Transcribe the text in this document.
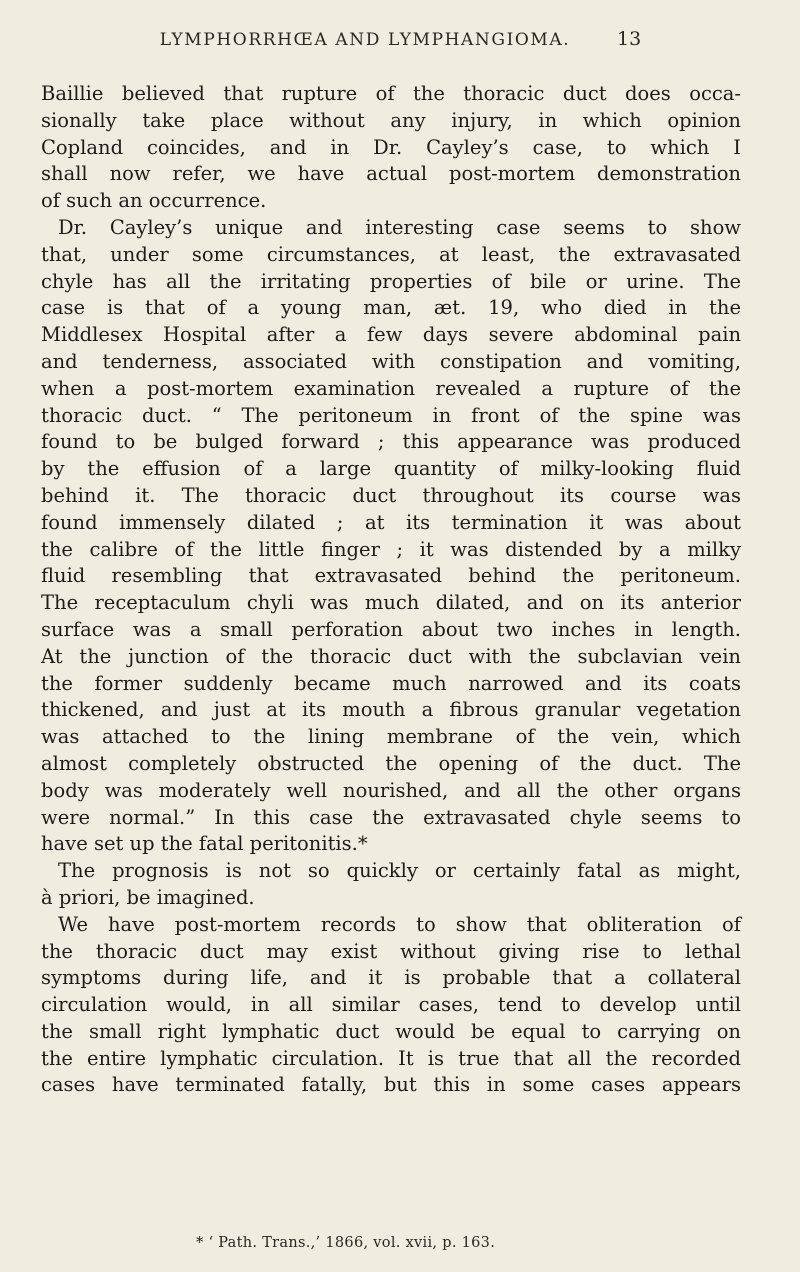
LYMPHORRHŒA AND LYMPHANGIOMA.	13
Baillie believed that rupture of the thoracic duct does occa-
sionally take place without any injury, in which opinion
Copland coincides, and in Dr. Cayley’s case, to which I
shall now refer, we have actual post-mortem demonstration
of such an occurrence.
Dr. Cayley’s unique and interesting case seems to show
that, under some circumstances, at least, the extravasated
chyle has all the irritating properties of bile or urine. The
case is that of a young man, æt. 19, who died in the
Middlesex Hospital after a few days severe abdominal pain
and tenderness, associated with constipation and vomiting,
when a post-mortem examination revealed a rupture of the
thoracic duct. “ The peritoneum in front of the spine was
found to be bulged forward ; this appearance was produced
by the effusion of a large quantity of milky-looking fluid
behind it. The thoracic duct throughout its course was
found immensely dilated ; at its termination it was about
the calibre of the little finger ; it was distended by a milky
fluid resembling that extravasated behind the peritoneum.
The receptaculum chyli was much dilated, and on its anterior
surface was a small perforation about two inches in length.
At the junction of the thoracic duct with the subclavian vein
the former suddenly became much narrowed and its coats
thickened, and just at its mouth a fibrous granular vegetation
was attached to the lining membrane of the vein, which
almost completely obstructed the opening of the duct. The
body was moderately well nourished, and all the other organs
were normal.” In this case the extravasated chyle seems to
have set up the fatal peritonitis.*
The prognosis is not so quickly or certainly fatal as might,
à priori, be imagined.
We have post-mortem records to show that obliteration of
the thoracic duct may exist without giving rise to lethal
symptoms during life, and it is probable that a collateral
circulation would, in all similar cases, tend to develop until
the small right lymphatic duct would be equal to carrying on
the entire lymphatic circulation. It is true that all the recorded
cases have terminated fatally, but this in some cases appears
* ‘ Path. Trans.,’ 1866, vol. xvii, p. 163.
